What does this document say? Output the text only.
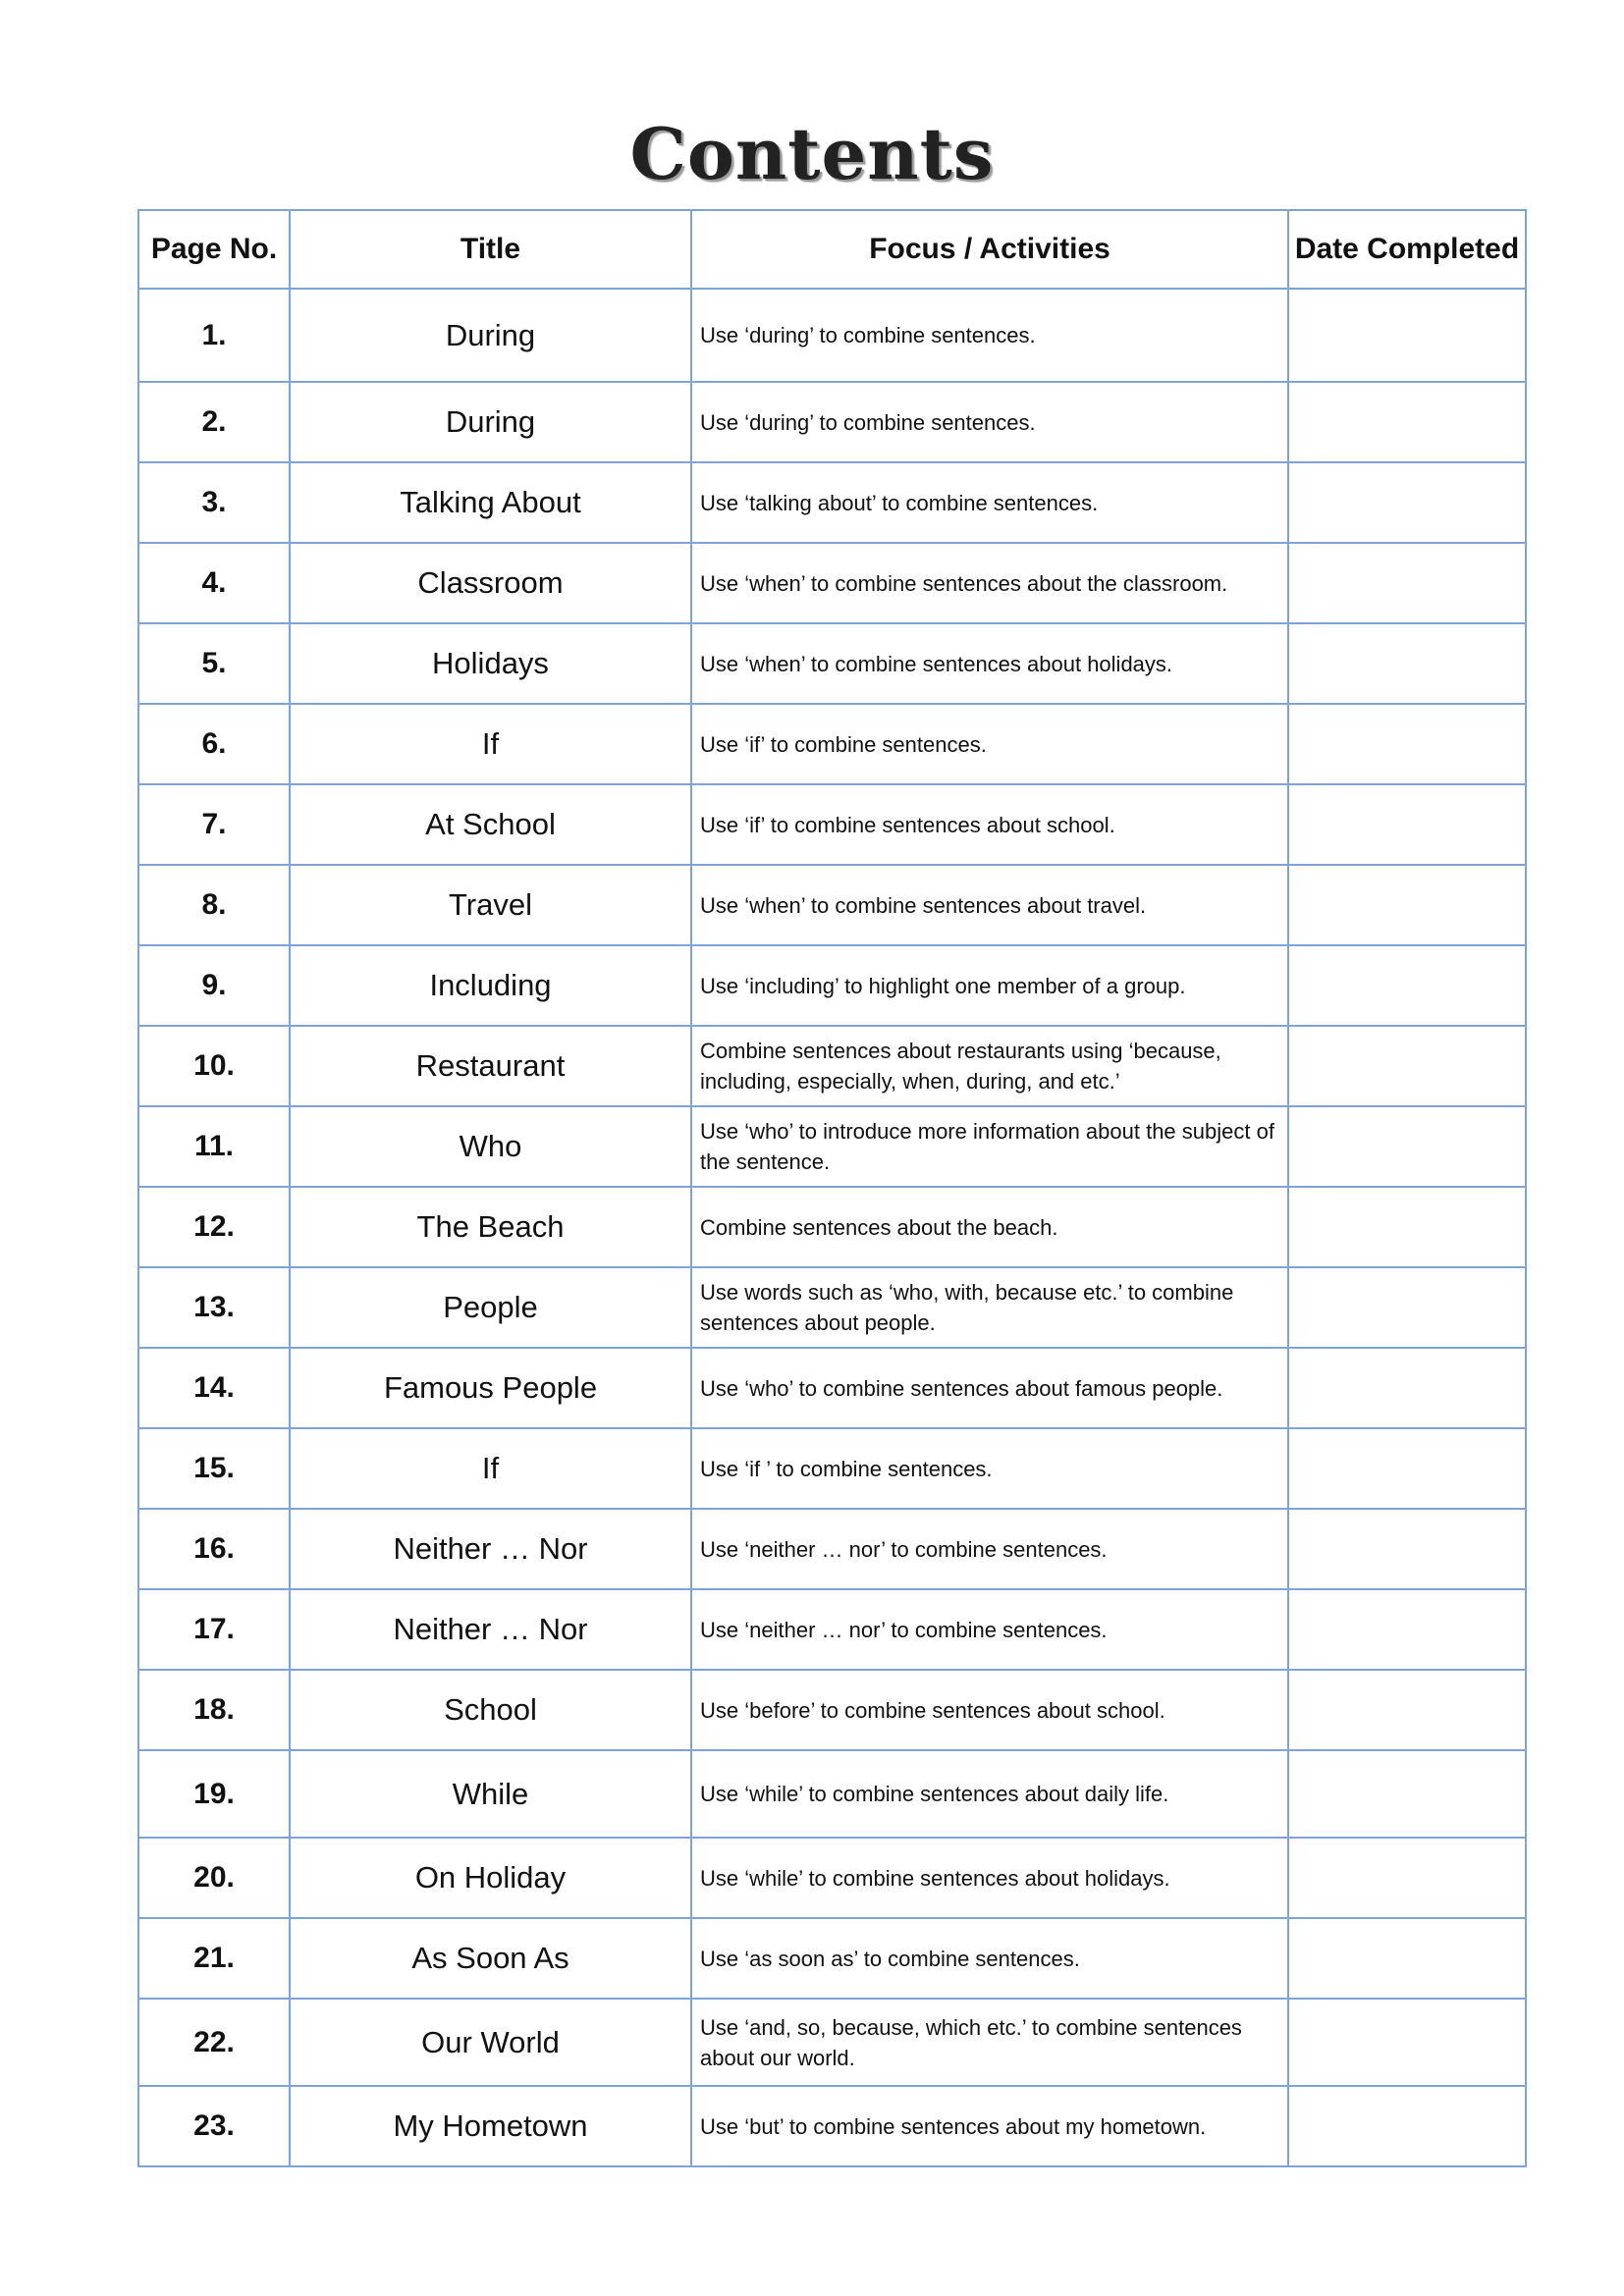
Contents
Page No.	Title	Focus / Activities	Date Completed
1.	During	Use ‘during’ to combine sentences.	
2.	During	Use ‘during’ to combine sentences.	
3.	Talking About	Use ‘talking about’ to combine sentences.	
4.	Classroom	Use ‘when’ to combine sentences about the classroom.	
5.	Holidays	Use ‘when’ to combine sentences about holidays.	
6.	If	Use ‘if’ to combine sentences.	
7.	At School	Use ‘if’ to combine sentences about school.	
8.	Travel	Use ‘when’ to combine sentences about travel.	
9.	Including	Use ‘including’ to highlight one member of a group.	
10.	Restaurant	Combine sentences about restaurants using ‘because, including, especially, when, during, and etc.’	
11.	Who	Use ‘who’ to introduce more information about the subject of the sentence.	
12.	The Beach	Combine sentences about the beach.	
13.	People	Use words such as ‘who, with, because etc.’ to combine sentences about people.	
14.	Famous People	Use ‘who’ to combine sentences about famous people.	
15.	If	Use ‘if ’ to combine sentences.	
16.	Neither … Nor	Use ‘neither … nor’ to combine sentences.	
17.	Neither … Nor	Use ‘neither … nor’ to combine sentences.	
18.	School	Use ‘before’ to combine sentences about school.	
19.	While	Use ‘while’ to combine sentences about daily life.	
20.	On Holiday	Use ‘while’ to combine sentences about holidays.	
21.	As Soon As	Use ‘as soon as’ to combine sentences.	
22.	Our World	Use ‘and, so, because, which etc.’ to combine sentences about our world.	
23.	My Hometown	Use ‘but’ to combine sentences about my hometown.	
